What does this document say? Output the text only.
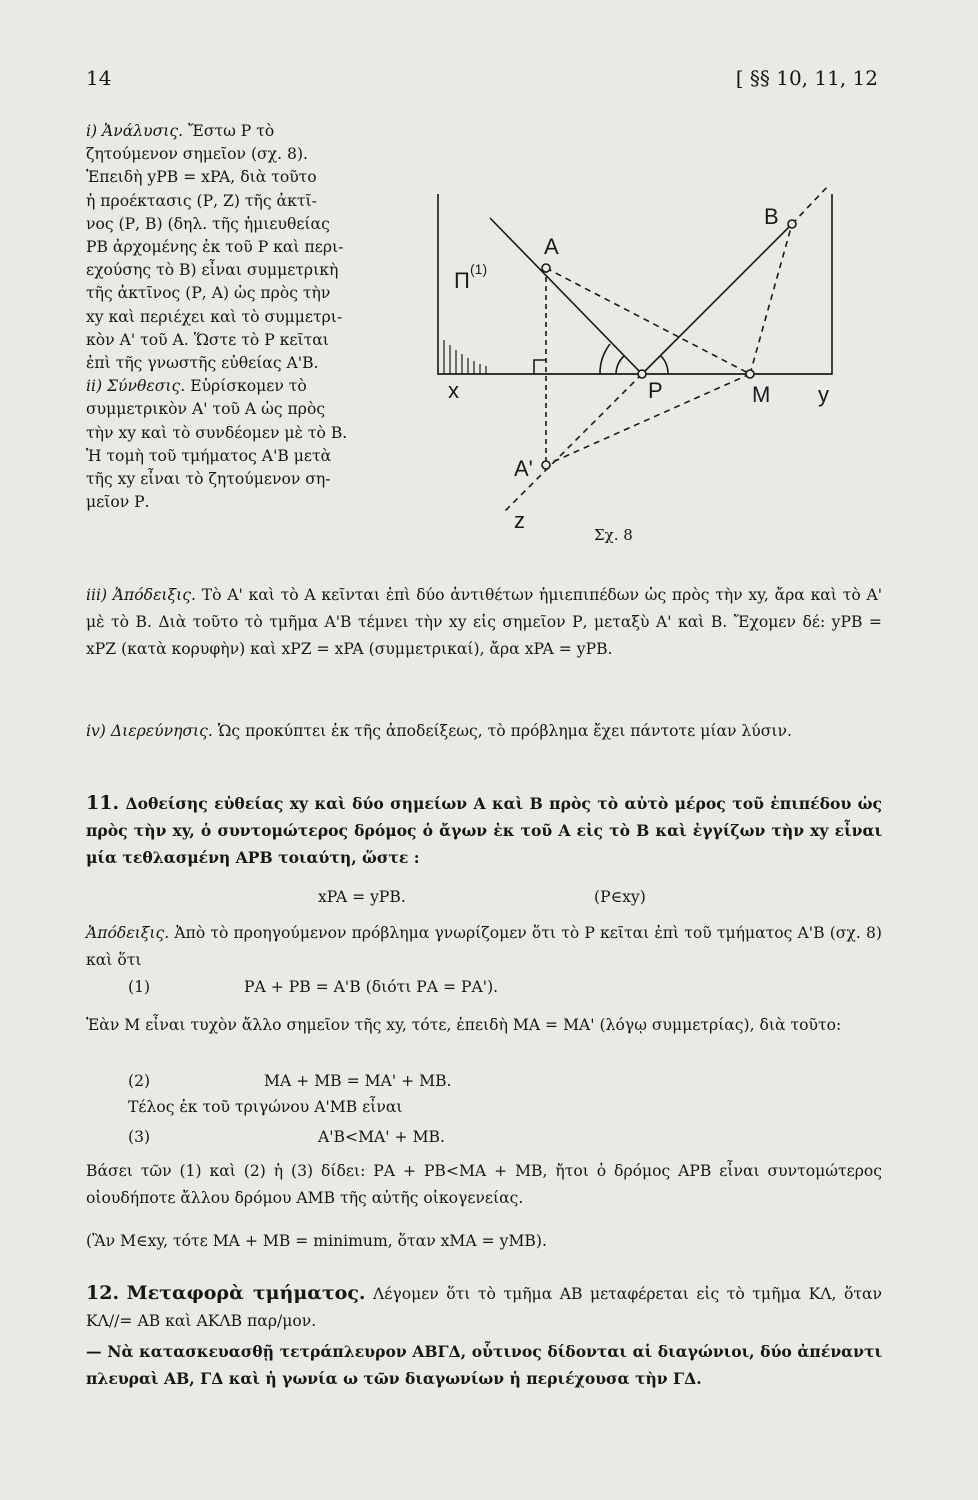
14	[ §§ 10, 11, 12
i) Ἀνάλυσις. Ἔστω Ρ τὸ
ζητούμενον σημεῖον (σχ. 8).
Ἐπειδὴ yPB = xPA, διὰ τοῦτο
ἡ προέκτασις (Ρ, Ζ) τῆς ἀκτῖ-
νος (Ρ, Β) (δηλ. τῆς ἡμιευθείας
ΡΒ ἀρχομένης ἐκ τοῦ Ρ καὶ περι-
εχούσης τὸ Β) εἶναι συμμετρικὴ
τῆς ἀκτῖνος (Ρ, Α) ὡς πρὸς τὴν
xy καὶ περιέχει καὶ τὸ συμμετρι-
κὸν Α' τοῦ Α. Ὥστε τὸ Ρ κεῖται
ἐπὶ τῆς γνωστῆς εὐθείας Α'Β.
ii) Σύνθεσις. Εὑρίσκομεν τὸ
συμμετρικὸν Α' τοῦ Α ὡς πρὸς
τὴν xy καὶ τὸ συνδέομεν μὲ τὸ Β.
Ἡ τομὴ τοῦ τμήματος Α'Β μετὰ
τῆς xy εἶναι τὸ ζητούμενον ση-
μεῖον Ρ.
Π (1)
Α
Β
x	Ρ	Μ y
Α'
z
Σχ. 8
iii) Ἀπόδειξις. Τὸ Α' καὶ τὸ Α κεῖνται ἐπὶ δύο ἀντιθέτων ἡμιεπιπέδων ὡς πρὸς τὴν xy, ἄρα καὶ τὸ Α' μὲ τὸ Β. Διὰ τοῦτο τὸ τμῆμα Α'Β τέμνει τὴν xy εἰς σημεῖον Ρ, μεταξὺ Α' καὶ Β. Ἔχομεν δέ: yPB = xPZ (κατὰ κορυφὴν) καὶ xPZ = xPA (συμμετρικαί), ἄρα xPA = yPB.
iv) Διερεύνησις. Ὡς προκύπτει ἐκ τῆς ἀποδείξεως, τὸ πρόβλημα ἔχει πάντοτε μίαν λύσιν.
11. Δοθείσης εὐθείας xy καὶ δύο σημείων Α καὶ Β πρὸς τὸ αὐτὸ μέρος τοῦ ἐπιπέδου ὡς πρὸς τὴν xy, ὁ συντομώτερος δρόμος ὁ ἄγων ἐκ τοῦ Α εἰς τὸ Β καὶ ἐγγίζων τὴν xy εἶναι μία τεθλασμένη ΑΡΒ τοιαύτη, ὥστε :
xPA = yPB.	(Ρ∈xy)
Ἀπόδειξις. Ἀπὸ τὸ προηγούμενον πρόβλημα γνωρίζομεν ὅτι τὸ Ρ κεῖται ἐπὶ τοῦ τμήματος Α'Β (σχ. 8) καὶ ὅτι
(1)	ΡΑ + ΡΒ = Α'Β (διότι ΡΑ = ΡΑ').
Ἐὰν Μ εἶναι τυχὸν ἄλλο σημεῖον τῆς xy, τότε, ἐπειδὴ ΜΑ = ΜΑ' (λόγῳ συμμετρίας), διὰ τοῦτο:
(2)	ΜΑ + ΜΒ = ΜΑ' + ΜΒ.
Τέλος ἐκ τοῦ τριγώνου Α'ΜΒ εἶναι
(3)	Α'Β<ΜΑ' + ΜΒ.
Βάσει τῶν (1) καὶ (2) ἡ (3) δίδει: ΡΑ + ΡΒ<ΜΑ + ΜΒ, ἤτοι ὁ δρόμος ΑΡΒ εἶναι συντομώτερος οἱουδήποτε ἄλλου δρόμου ΑΜΒ τῆς αὐτῆς οἰκογενείας.
(Ἂν Μ∈xy, τότε ΜΑ + ΜΒ = minimum, ὅταν xMA = yMB).
12. Μεταφορὰ τμήματος. Λέγομεν ὅτι τὸ τμῆμα ΑΒ μεταφέρεται εἰς τὸ τμῆμα ΚΛ, ὅταν ΚΛ//= ΑΒ καὶ ΑΚΛΒ παρ/μον.
— Νὰ κατασκευασθῇ τετράπλευρον ΑΒΓΔ, οὗτινος δίδονται αἱ διαγώνιοι, δύο ἀπέναντι πλευραὶ ΑΒ, ΓΔ καὶ ἡ γωνία ω τῶν διαγωνίων ἡ περιέχουσα τὴν ΓΔ.
